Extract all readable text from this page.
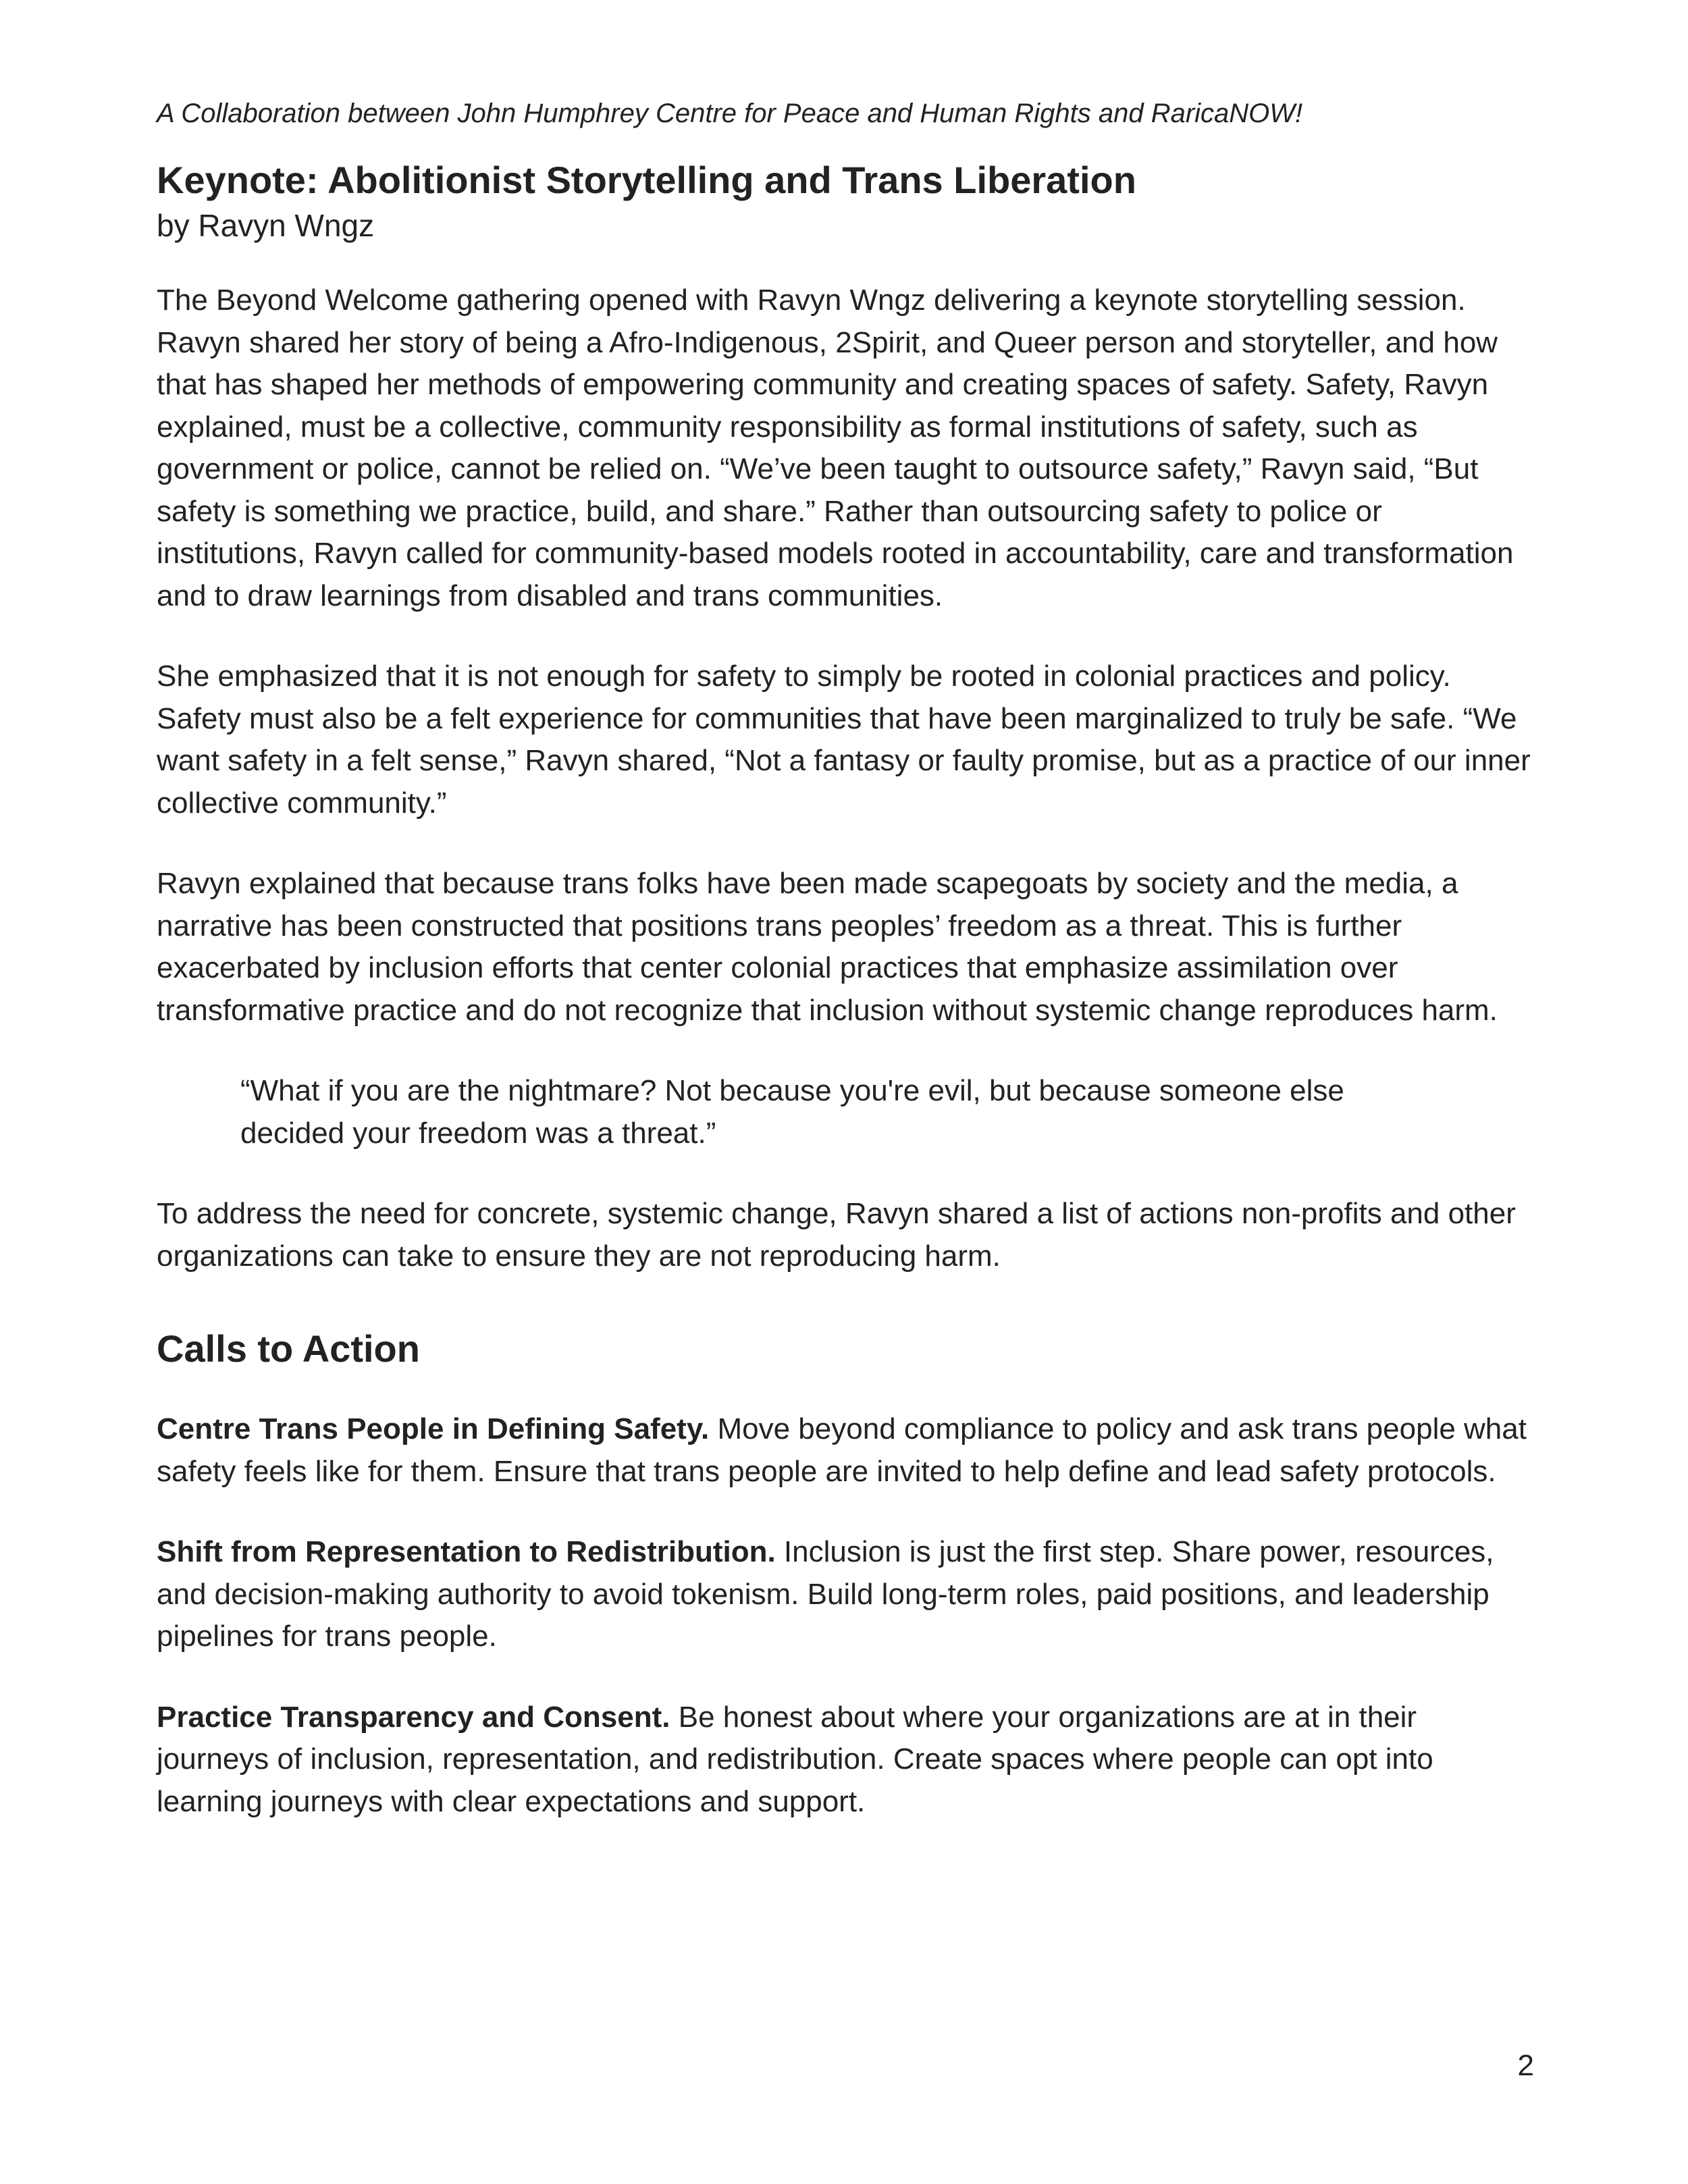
A Collaboration between John Humphrey Centre for Peace and Human Rights and RaricaNOW!

Keynote: Abolitionist Storytelling and Trans Liberation

by Ravyn Wngz

The Beyond Welcome gathering opened with Ravyn Wngz delivering a keynote storytelling session. Ravyn shared her story of being a Afro-Indigenous, 2Spirit, and Queer person and storyteller, and how that has shaped her methods of empowering community and creating spaces of safety. Safety, Ravyn explained, must be a collective, community responsibility as formal institutions of safety, such as government or police, cannot be relied on. “We’ve been taught to outsource safety,” Ravyn said, “But safety is something we practice, build, and share.” Rather than outsourcing safety to police or institutions, Ravyn called for community-based models rooted in accountability, care and transformation and to draw learnings from disabled and trans communities.

She emphasized that it is not enough for safety to simply be rooted in colonial practices and policy. Safety must also be a felt experience for communities that have been marginalized to truly be safe. “We want safety in a felt sense,” Ravyn shared, “Not a fantasy or faulty promise, but as a practice of our inner collective community.”

Ravyn explained that because trans folks have been made scapegoats by society and the media, a narrative has been constructed that positions trans peoples’ freedom as a threat. This is further exacerbated by inclusion efforts that center colonial practices that emphasize assimilation over transformative practice and do not recognize that inclusion without systemic change reproduces harm.

“What if you are the nightmare? Not because you're evil, but because someone else decided your freedom was a threat.”

To address the need for concrete, systemic change, Ravyn shared a list of actions non-profits and other organizations can take to ensure they are not reproducing harm.

Calls to Action

Centre Trans People in Defining Safety. Move beyond compliance to policy and ask trans people what safety feels like for them. Ensure that trans people are invited to help define and lead safety protocols.

Shift from Representation to Redistribution. Inclusion is just the first step. Share power, resources, and decision-making authority to avoid tokenism. Build long-term roles, paid positions, and leadership pipelines for trans people.

Practice Transparency and Consent. Be honest about where your organizations are at in their journeys of inclusion, representation, and redistribution. Create spaces where people can opt into learning journeys with clear expectations and support.

2
